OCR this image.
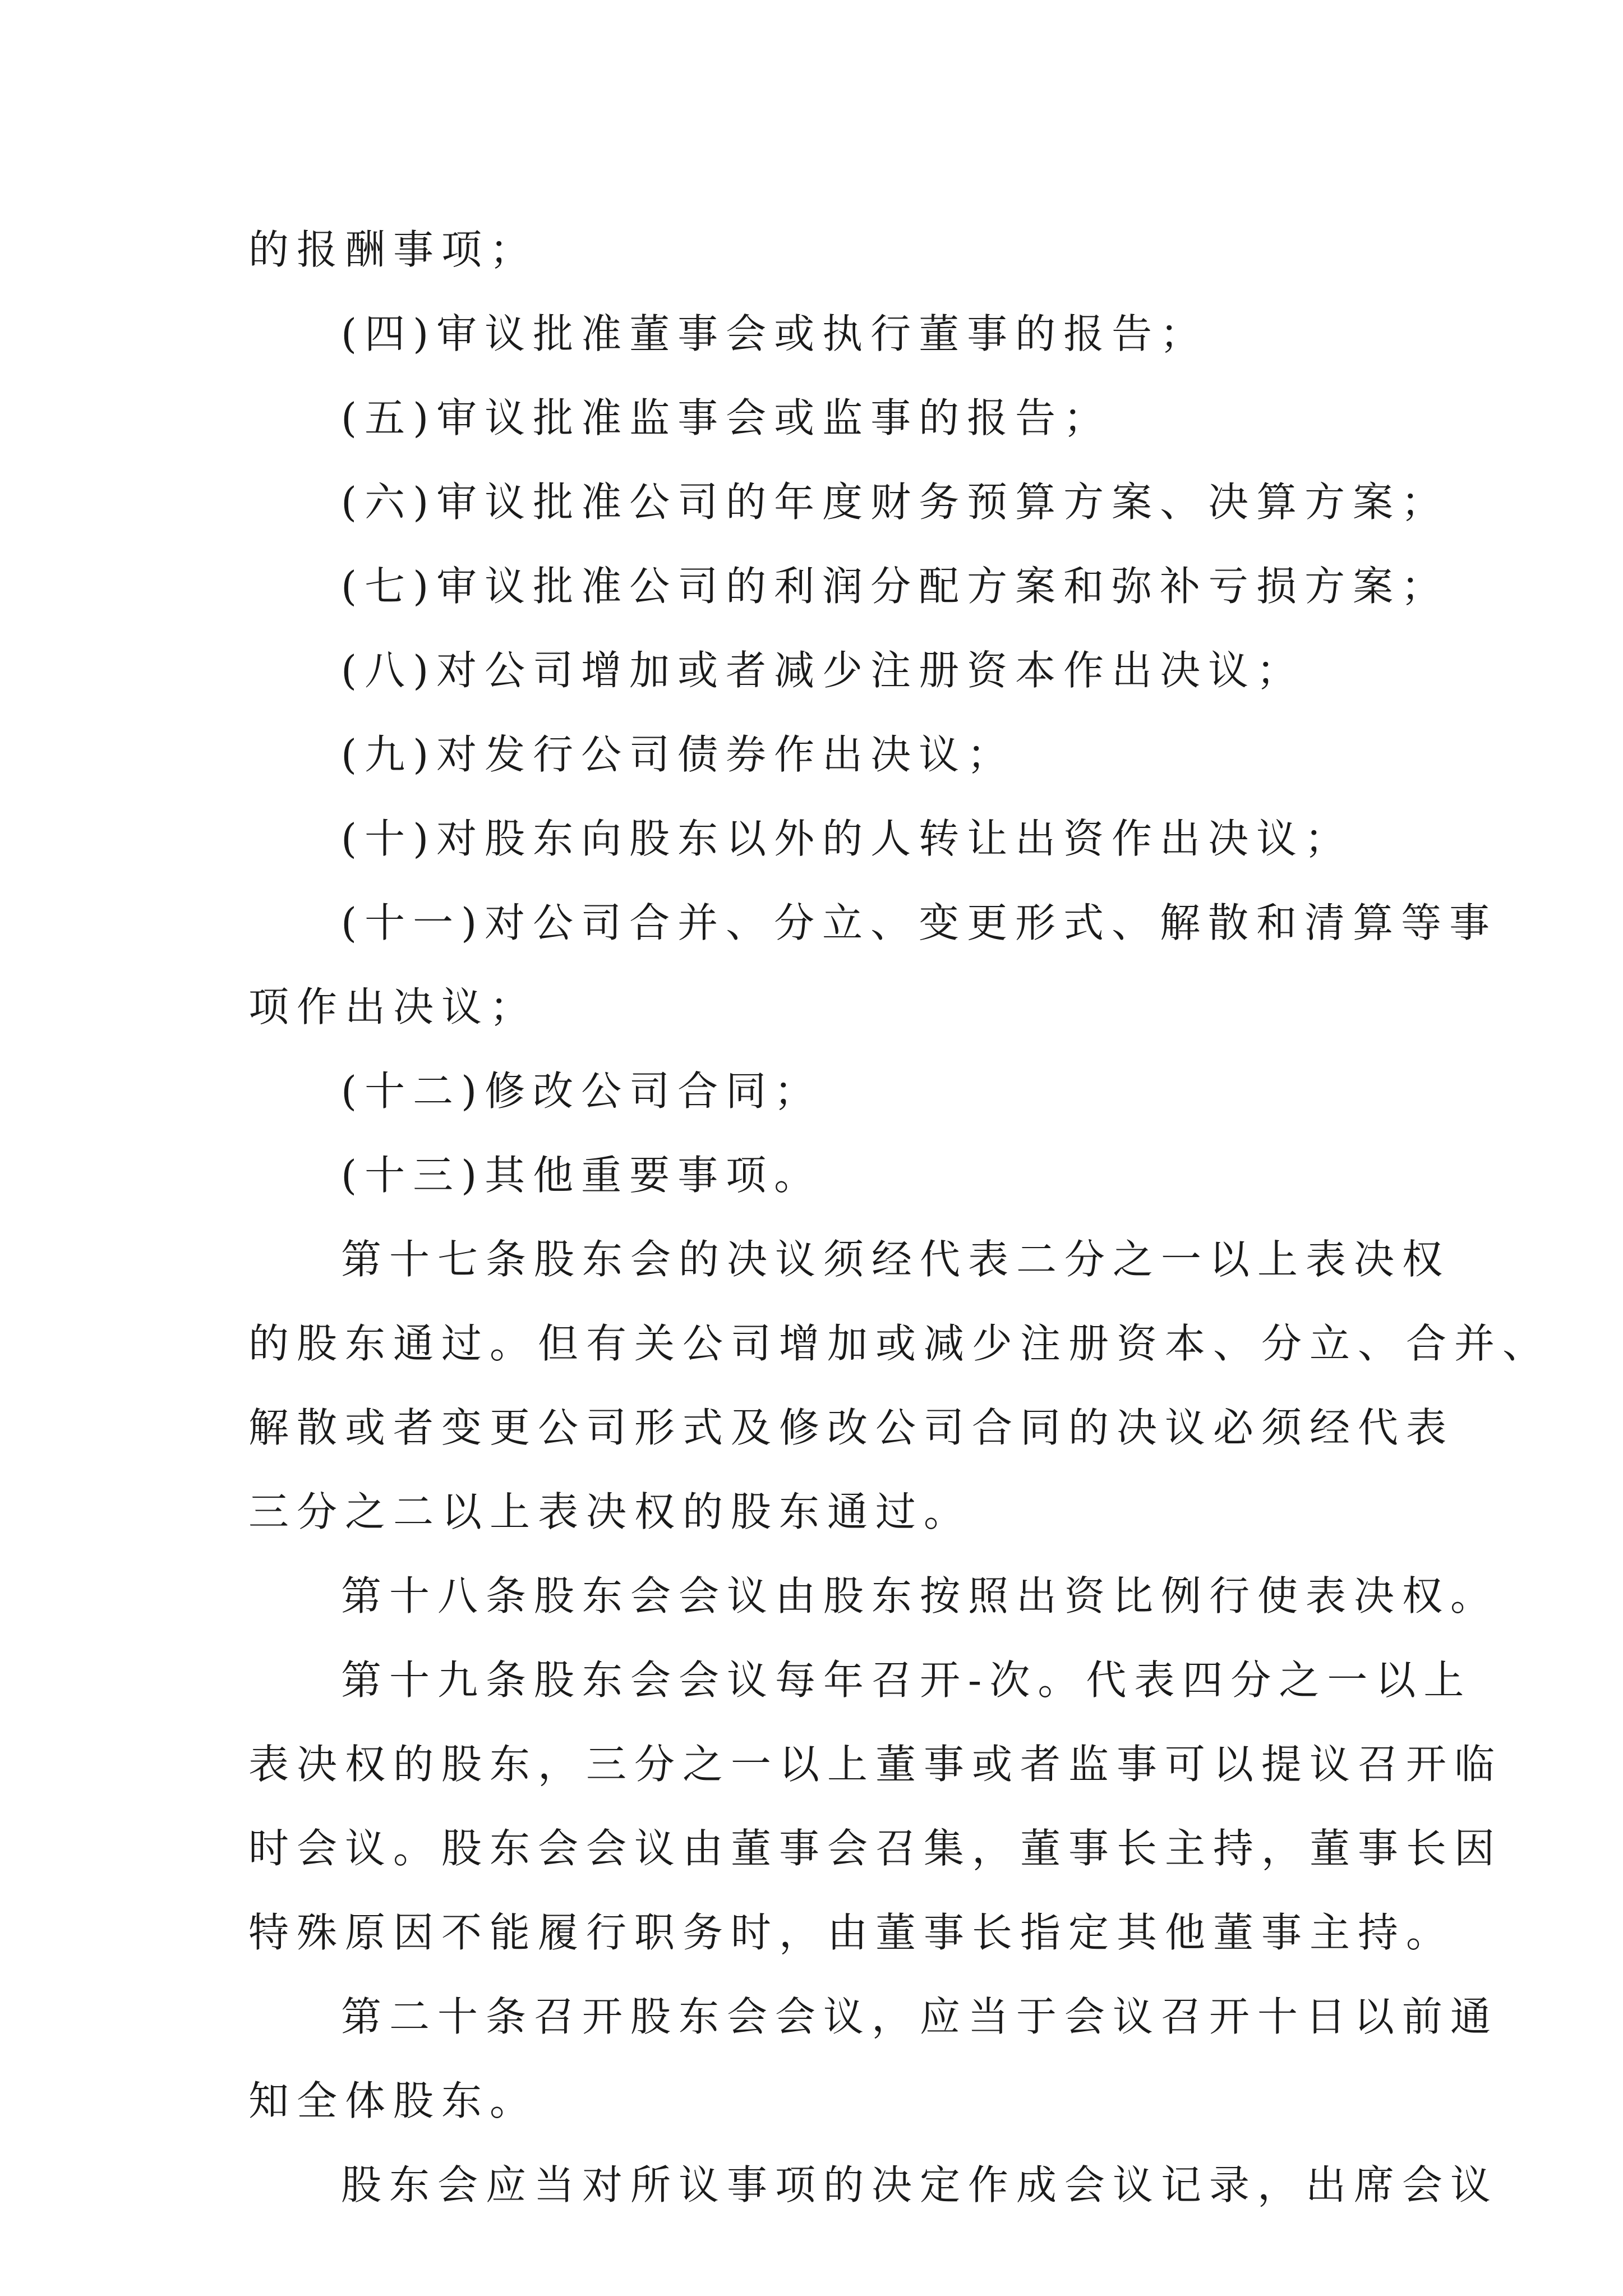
的报酬事项；
(四)审议批准董事会或执行董事的报告；
(五)审议批准监事会或监事的报告；
(六)审议批准公司的年度财务预算方案、决算方案；
(七)审议批准公司的利润分配方案和弥补亏损方案；
(八)对公司增加或者减少注册资本作出决议；
(九)对发行公司债券作出决议；
(十)对股东向股东以外的人转让出资作出决议；
(十一)对公司合并、分立、变更形式、解散和清算等事
项作出决议；
(十二)修改公司合同；
(十三)其他重要事项。
第十七条股东会的决议须经代表二分之一以上表决权
的股东通过。但有关公司增加或减少注册资本、分立、合并、
解散或者变更公司形式及修改公司合同的决议必须经代表
三分之二以上表决权的股东通过。
第十八条股东会会议由股东按照出资比例行使表决权。
第十九条股东会会议每年召开-次。代表四分之一以上
表决权的股东，三分之一以上董事或者监事可以提议召开临
时会议。股东会会议由董事会召集，董事长主持，董事长因
特殊原因不能履行职务时，由董事长指定其他董事主持。
第二十条召开股东会会议，应当于会议召开十日以前通
知全体股东。
股东会应当对所议事项的决定作成会议记录，出席会议
